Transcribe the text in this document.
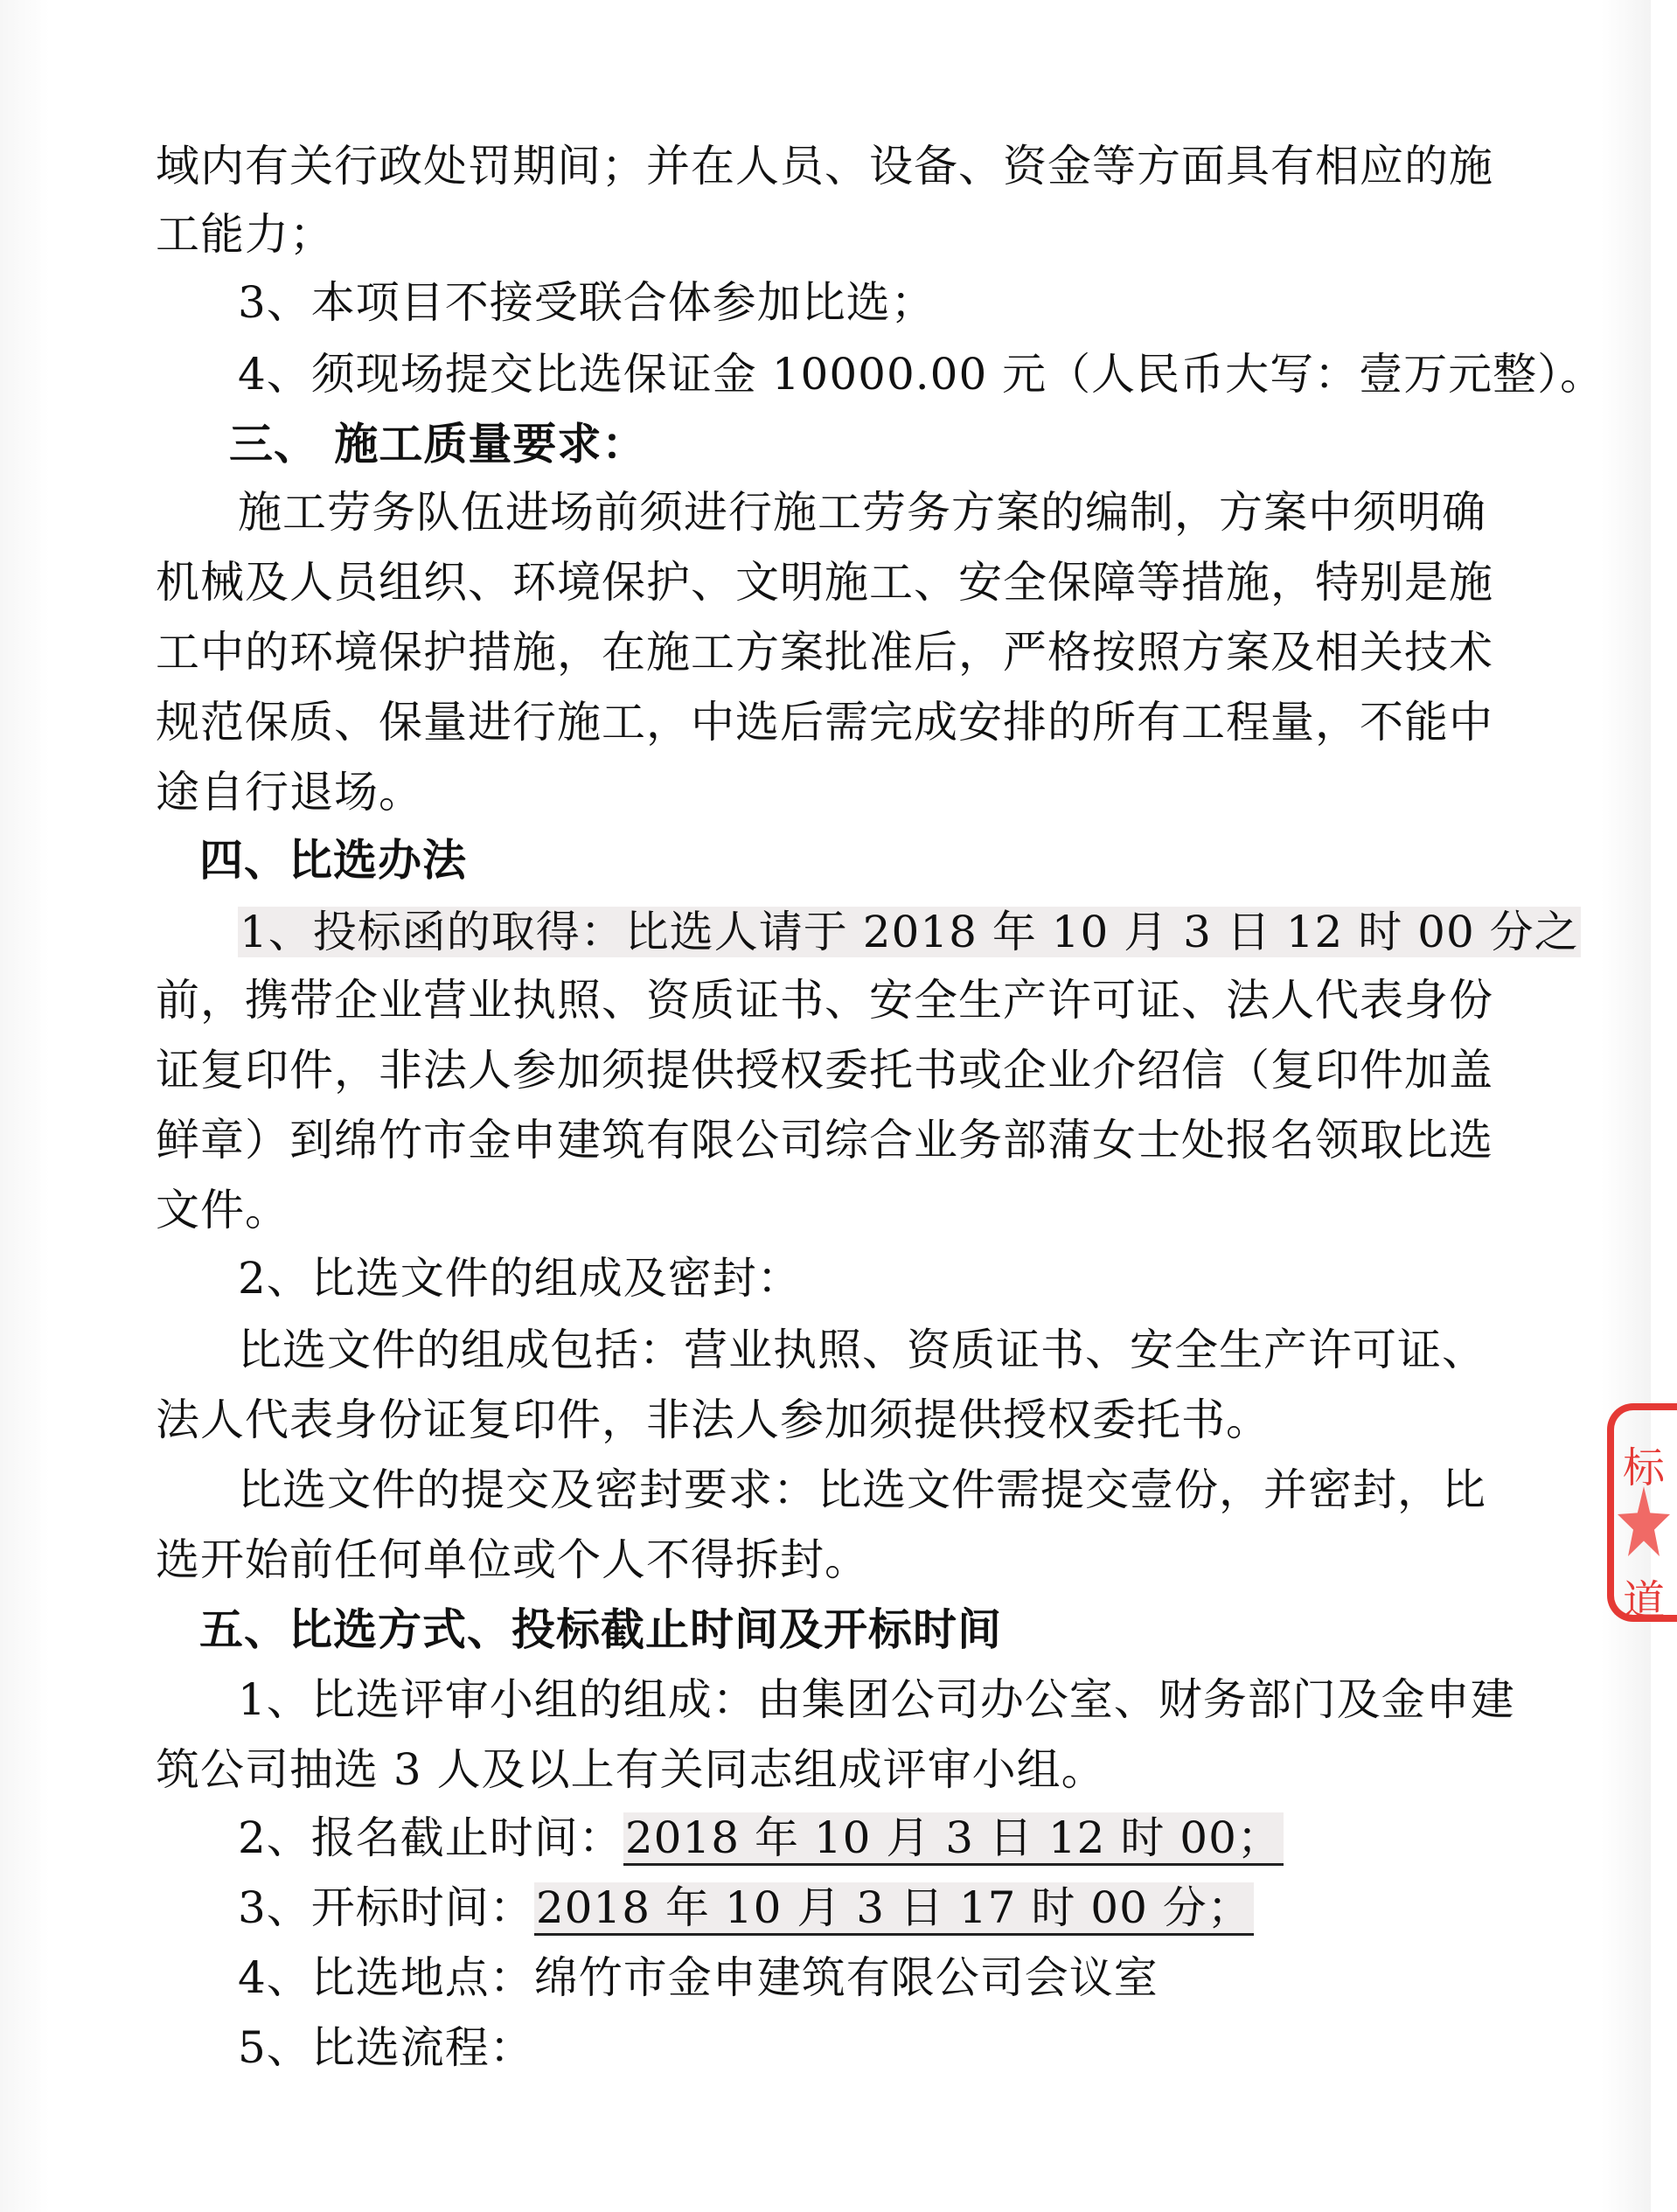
域内有关行政处罚期间；并在人员、设备、资金等方面具有相应的施
工能力；
3、本项目不接受联合体参加比选；
4、须现场提交比选保证金 10000.00 元（人民币大写：壹万元整）。
三、 施工质量要求：
施工劳务队伍进场前须进行施工劳务方案的编制，方案中须明确
机械及人员组织、环境保护、文明施工、安全保障等措施，特别是施
工中的环境保护措施，在施工方案批准后，严格按照方案及相关技术
规范保质、保量进行施工，中选后需完成安排的所有工程量，不能中
途自行退场。
四、比选办法
1、投标函的取得：比选人请于 2018 年 10 月 3 日 12 时 00 分之
前，携带企业营业执照、资质证书、安全生产许可证、法人代表身份
证复印件，非法人参加须提供授权委托书或企业介绍信（复印件加盖
鲜章）到绵竹市金申建筑有限公司综合业务部蒲女士处报名领取比选
文件。
2、比选文件的组成及密封：
比选文件的组成包括：营业执照、资质证书、安全生产许可证、
法人代表身份证复印件，非法人参加须提供授权委托书。
比选文件的提交及密封要求：比选文件需提交壹份，并密封，比
选开始前任何单位或个人不得拆封。
五、比选方式、投标截止时间及开标时间
1、比选评审小组的组成：由集团公司办公室、财务部门及金申建
筑公司抽选 3 人及以上有关同志组成评审小组。
2、报名截止时间：2018 年 10 月 3 日 12 时 00；
3、开标时间：2018 年 10 月 3 日 17 时 00 分；
4、比选地点：绵竹市金申建筑有限公司会议室
5、比选流程：
标
道
